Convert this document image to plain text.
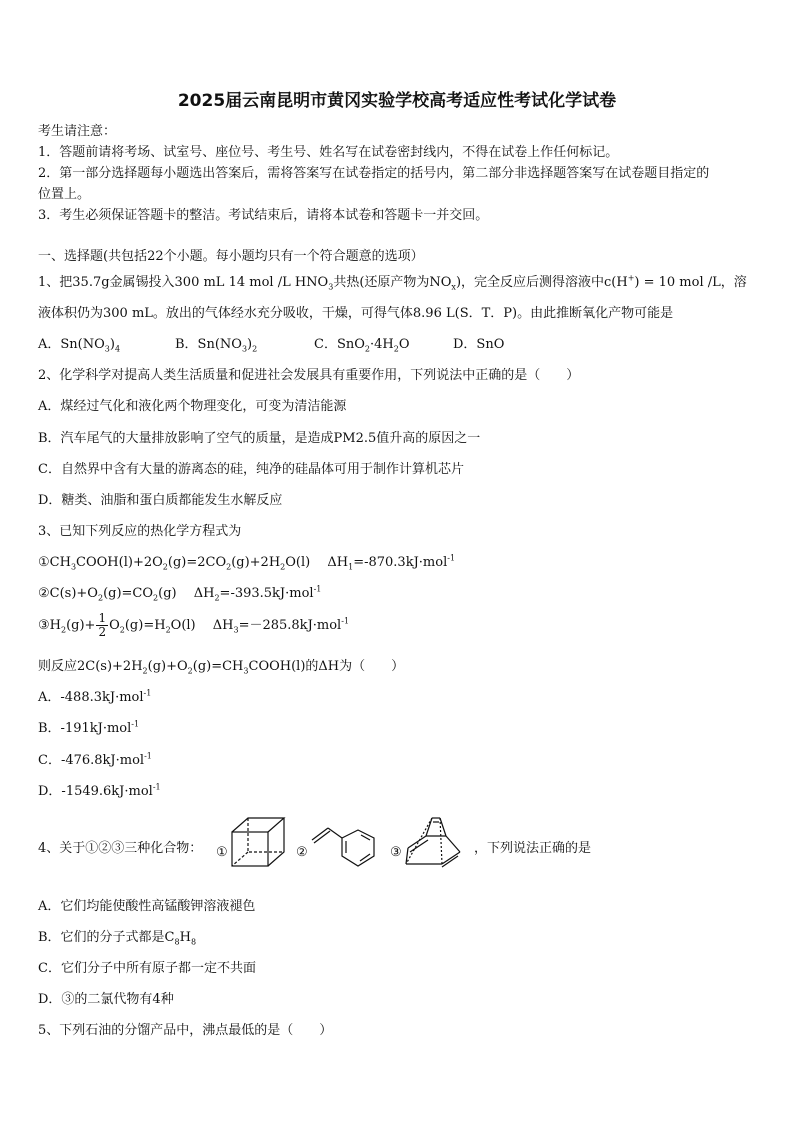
2025届云南昆明市黄冈实验学校高考适应性考试化学试卷
考生请注意：
1．答题前请将考场、试室号、座位号、考生号、姓名写在试卷密封线内，不得在试卷上作任何标记。
2．第一部分选择题每小题选出答案后，需将答案写在试卷指定的括号内，第二部分非选择题答案写在试卷题目指定的
位置上。
3．考生必须保证答题卡的整洁。考试结束后，请将本试卷和答题卡一并交回。
一、选择题(共包括22个小题。每小题均只有一个符合题意的选项）
1、把35.7g金属锡投入300 mL 14 mol /L $HNO_3$共热(还原产物为$NO_x$)，完全反应后测得溶液中c(H+) = 10 mol /L，溶
液体积仍为300 mL。放出的气体经水充分吸收，干燥，可得气体8.96 L(S．T．P)。由此推断氧化产物可能是
A．$Sn(NO_3)_4$	B．$Sn(NO_3)_2$	C．$SnO_2\cdot 4H_2O$	D．SnO
2、化学科学对提高人类生活质量和促进社会发展具有重要作用，下列说法中正确的是（　　）
A．煤经过气化和液化两个物理变化，可变为清洁能源
B．汽车尾气的大量排放影响了空气的质量，是造成PM2.5值升高的原因之一
C．自然界中含有大量的游离态的硅，纯净的硅晶体可用于制作计算机芯片
D．糖类、油脂和蛋白质都能发生水解反应
3、已知下列反应的热化学方程式为
$①CH_3COOH(l)+2O_2(g)=2CO_2(g)+2H_2O(l)$　 $\Delta H_1=-870.3kJ\cdot mol^{-1}$
$②C(s)+O_2(g)=CO_2(g)$　 $\Delta H_2=-393.5kJ\cdot mol^{-1}$
$③H_2(g)+ \frac{1}{2} O_2(g)=H_2O(l)$　 $\Delta H_3=-285.8kJ\cdot mol^{-1}$
则反应$2C(s)+2H_2(g)+O_2(g)=CH_3COOH(l)$的ΔH为（　　）
A．-488.3kJ·mol$^{-1}$
B．-191kJ·mol$^{-1}$
C．-476.8kJ·mol$^{-1}$
D．-1549.6kJ·mol$^{-1}$
4、关于①②③三种化合物： ①	②	③	，下列说法正确的是
A．它们均能使酸性高锰酸钾溶液褪色
B．它们的分子式都是$C_8H_8$
C．它们分子中所有原子都一定不共面
D．③的二氯代物有4种
5、下列石油的分馏产品中，沸点最低的是（　　）
